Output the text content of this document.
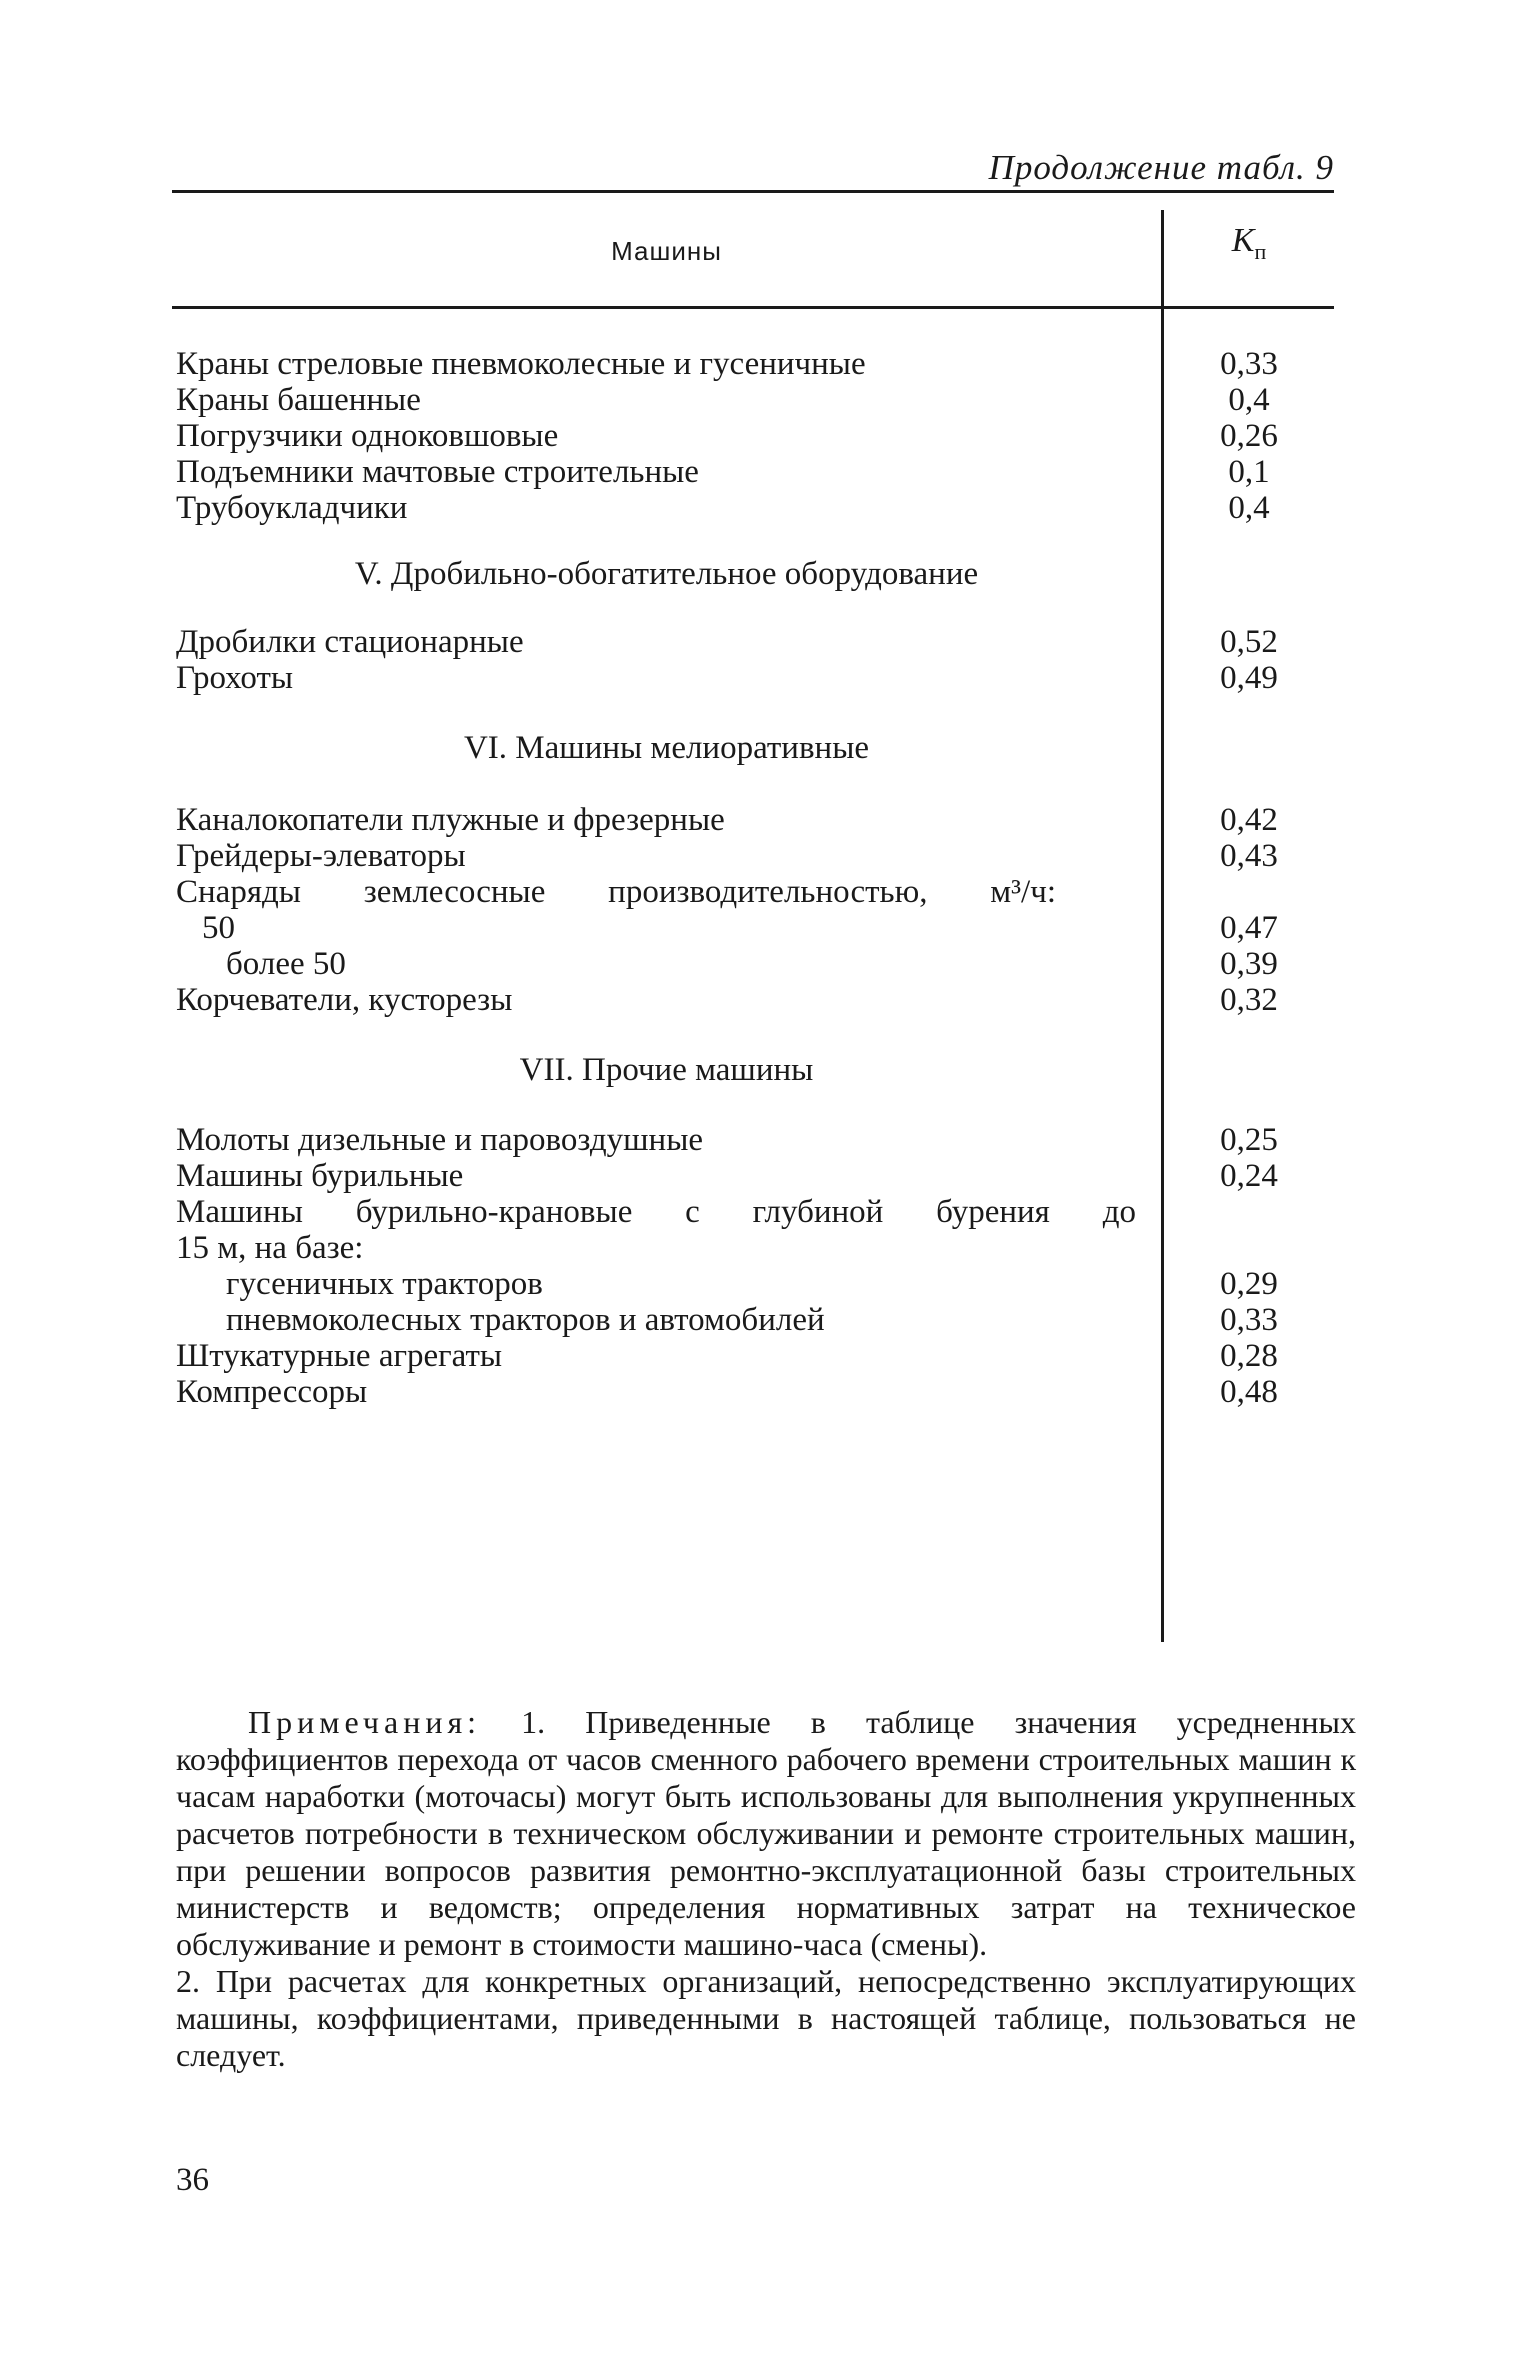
Продолжение табл. 9
Машины	$K_п$
Краны стреловые пневмоколесные и гусеничные	0,33
Краны башенные	0,4
Погрузчики одноковшовые	0,26
Подъемники мачтовые строительные	0,1
Трубоукладчики	0,4
V. Дробильно-обогатительное оборудование
Дробилки стационарные	0,52
Грохоты	0,49
VI. Машины мелиоративные
Каналокопатели плужные и фрезерные	0,42
Грейдеры-элеваторы	0,43
Снаряды землесосные производительностью, м³/ч:
50	0,47
более 50	0,39
Корчеватели, кусторезы	0,32
VII. Прочие машины
Молоты дизельные и паровоздушные	0,25
Машины бурильные	0,24
Машины бурильно-крановые с глубиной бурения до
15 м, на базе:
гусеничных тракторов	0,29
пневмоколесных тракторов и автомобилей	0,33
Штукатурные агрегаты	0,28
Компрессоры	0,48

Примечания: 1. Приведенные в таблице значения усредненных коэффициентов перехода от часов сменного рабочего времени строительных машин к часам наработки (моточасы) могут быть использованы для выполнения укрупненных расчетов потребности в техническом обслуживании и ремонте строительных машин, при решении вопросов развития ремонтно-эксплуатационной базы строительных министерств и ведомств; определения нормативных затрат на техническое обслуживание и ремонт в стоимости машино-часа (смены).

2. При расчетах для конкретных организаций, непосредственно эксплуатирующих машины, коэффициентами, приведенными в настоящей таблице, пользоваться не следует.

36
